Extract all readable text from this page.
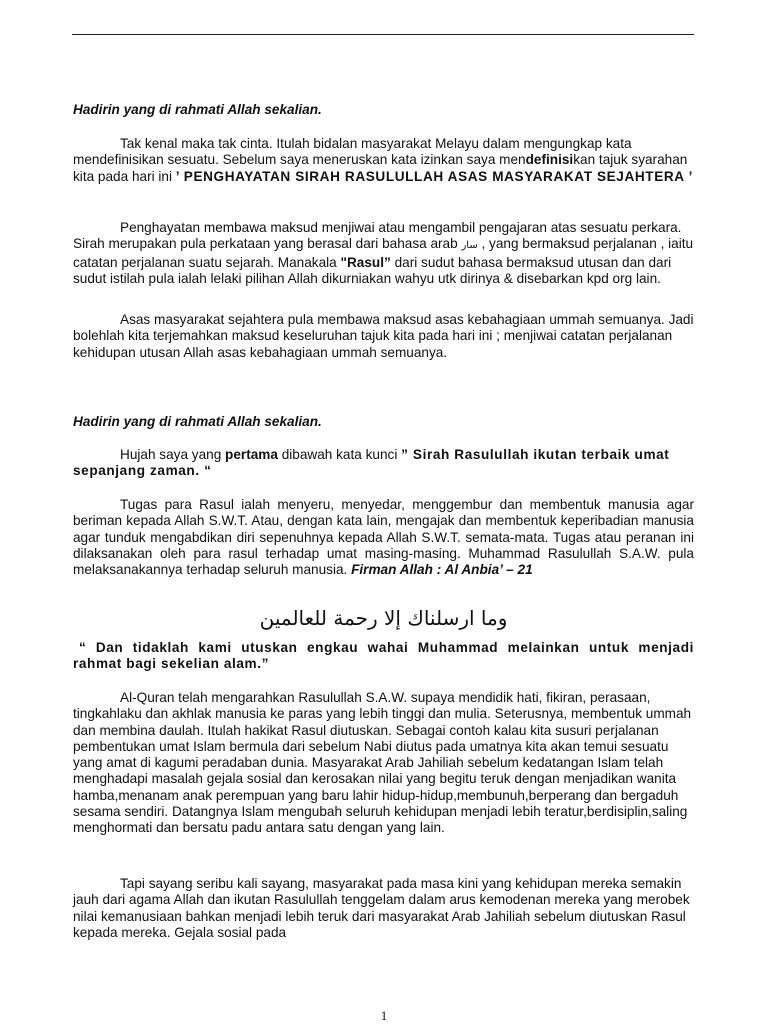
Hadirin yang di rahmati Allah sekalian.

Tak kenal maka tak cinta. Itulah bidalan masyarakat Melayu dalam mengungkap kata mendefinisikan sesuatu. Sebelum saya meneruskan kata izinkan saya mendefinisikan tajuk syarahan kita pada hari ini ’ PENGHAYATAN SIRAH RASULULLAH ASAS MASYARAKAT SEJAHTERA ’

Penghayatan membawa maksud menjiwai atau mengambil pengajaran atas sesuatu perkara. Sirah merupakan pula perkataan yang berasal dari bahasa arab سار , yang bermaksud perjalanan , iaitu catatan perjalanan suatu sejarah. Manakala "Rasul” dari sudut bahasa bermaksud utusan dan dari sudut istilah pula ialah lelaki pilihan Allah dikurniakan wahyu utk dirinya & disebarkan kpd org lain.

Asas masyarakat sejahtera pula membawa maksud asas kebahagiaan ummah semuanya. Jadi bolehlah kita terjemahkan maksud keseluruhan tajuk kita pada hari ini ; menjiwai catatan perjalanan kehidupan utusan Allah asas kebahagiaan ummah semuanya.

Hadirin yang di rahmati Allah sekalian.

Hujah saya yang pertama dibawah kata kunci ” Sirah Rasulullah ikutan terbaik umat sepanjang zaman. “

Tugas para Rasul ialah menyeru, menyedar, menggembur dan membentuk manusia agar beriman kepada Allah S.W.T. Atau, dengan kata lain, mengajak dan membentuk keperibadian manusia agar tunduk mengabdikan diri sepenuhnya kepada Allah S.W.T. semata-mata. Tugas atau peranan ini dilaksanakan oleh para rasul terhadap umat masing-masing. Muhammad Rasulullah S.A.W. pula melaksanakannya terhadap seluruh manusia. Firman Allah : Al Anbia’ – 21

وما ارسلناك إلا رحمة للعالمين

“ Dan tidaklah kami utuskan engkau wahai Muhammad melainkan untuk menjadi rahmat bagi sekelian alam.”

Al-Quran telah mengarahkan Rasulullah S.A.W. supaya mendidik hati, fikiran, perasaan, tingkahlaku dan akhlak manusia ke paras yang lebih tinggi dan mulia. Seterusnya, membentuk ummah dan membina daulah. Itulah hakikat Rasul diutuskan. Sebagai contoh kalau kita susuri perjalanan pembentukan umat Islam bermula dari sebelum Nabi diutus pada umatnya kita akan temui sesuatu yang amat di kagumi peradaban dunia. Masyarakat Arab Jahiliah sebelum kedatangan Islam telah menghadapi masalah gejala sosial dan kerosakan nilai yang begitu teruk dengan menjadikan wanita hamba,menanam anak perempuan yang baru lahir hidup-hidup,membunuh,berperang dan bergaduh sesama sendiri. Datangnya Islam mengubah seluruh kehidupan menjadi lebih teratur,berdisiplin,saling menghormati dan bersatu padu antara satu dengan yang lain.

Tapi sayang seribu kali sayang, masyarakat pada masa kini yang kehidupan mereka semakin jauh dari agama Allah dan ikutan Rasulullah tenggelam dalam arus kemodenan mereka yang merobek nilai kemanusiaan bahkan menjadi lebih teruk dari masyarakat Arab Jahiliah sebelum diutuskan Rasul kepada mereka. Gejala sosial pada

1
